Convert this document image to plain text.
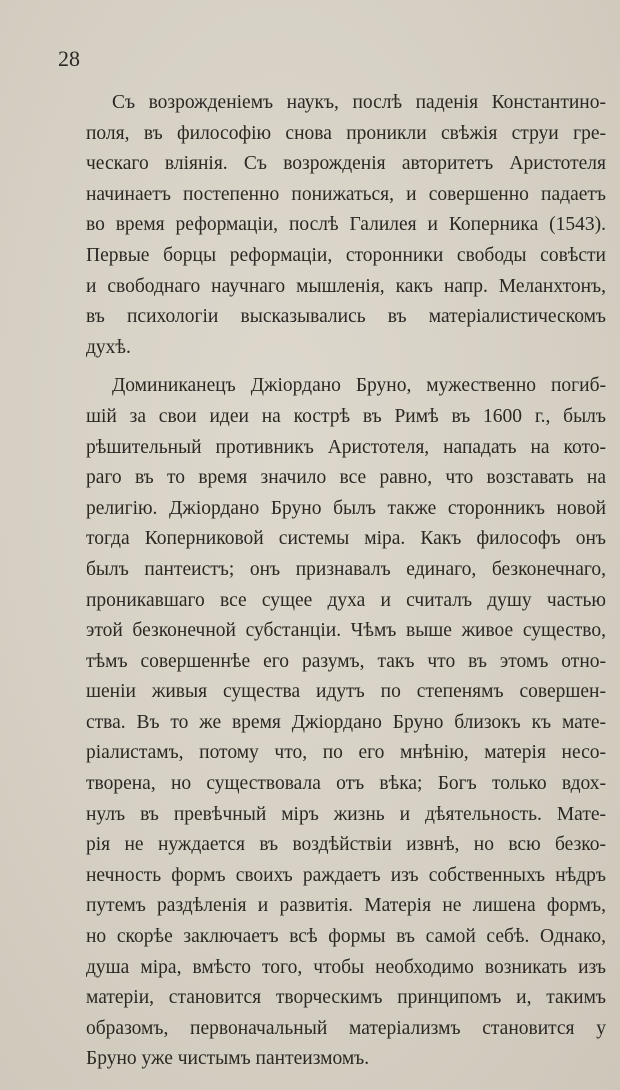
28
Съ возрожденіемъ наукъ, послѣ паденія Константино-
поля, въ философію снова проникли свѣжія струи гре-
ческаго вліянія. Съ возрожденія авторитетъ Аристотеля
начинаетъ постепенно понижаться, и совершенно падаетъ
во время реформаціи, послѣ Галилея и Коперника (1543).
Первые борцы реформаціи, сторонники свободы совѣсти
и свободнаго научнаго мышленія, какъ напр. Меланхтонъ,
въ психологіи высказывались въ матеріалистическомъ
духѣ.
Доминиканецъ Джіордано Бруно, мужественно погиб-
шій за свои идеи на кострѣ въ Римѣ въ 1600 г., былъ
рѣшительный противникъ Аристотеля, нападать на кото-
раго въ то время значило все равно, что возставать на
религію. Джіордано Бруно былъ также сторонникъ новой
тогда Коперниковой системы міра. Какъ философъ онъ
былъ пантеистъ; онъ признавалъ единаго, безконечнаго,
проникавшаго все сущее духа и считалъ душу частью
этой безконечной субстанціи. Чѣмъ выше живое существо,
тѣмъ совершеннѣе его разумъ, такъ что въ этомъ отно-
шеніи живыя существа идутъ по степенямъ совершен-
ства. Въ то же время Джіордано Бруно близокъ къ мате-
ріалистамъ, потому что, по его мнѣнію, матерія несо-
творена, но существовала отъ вѣка; Богъ только вдох-
нулъ въ превѣчный міръ жизнь и дѣятельность. Мате-
рія не нуждается въ воздѣйствіи извнѣ, но всю безко-
нечность формъ своихъ раждаетъ изъ собственныхъ нѣдръ
путемъ раздѣленія и развитія. Матерія не лишена формъ,
но скорѣе заключаетъ всѣ формы въ самой себѣ. Однако,
душа міра, вмѣсто того, чтобы необходимо возникать изъ
матеріи, становится творческимъ принципомъ и, такимъ
образомъ, первоначальный матеріализмъ становится у
Бруно уже чистымъ пантеизмомъ.
